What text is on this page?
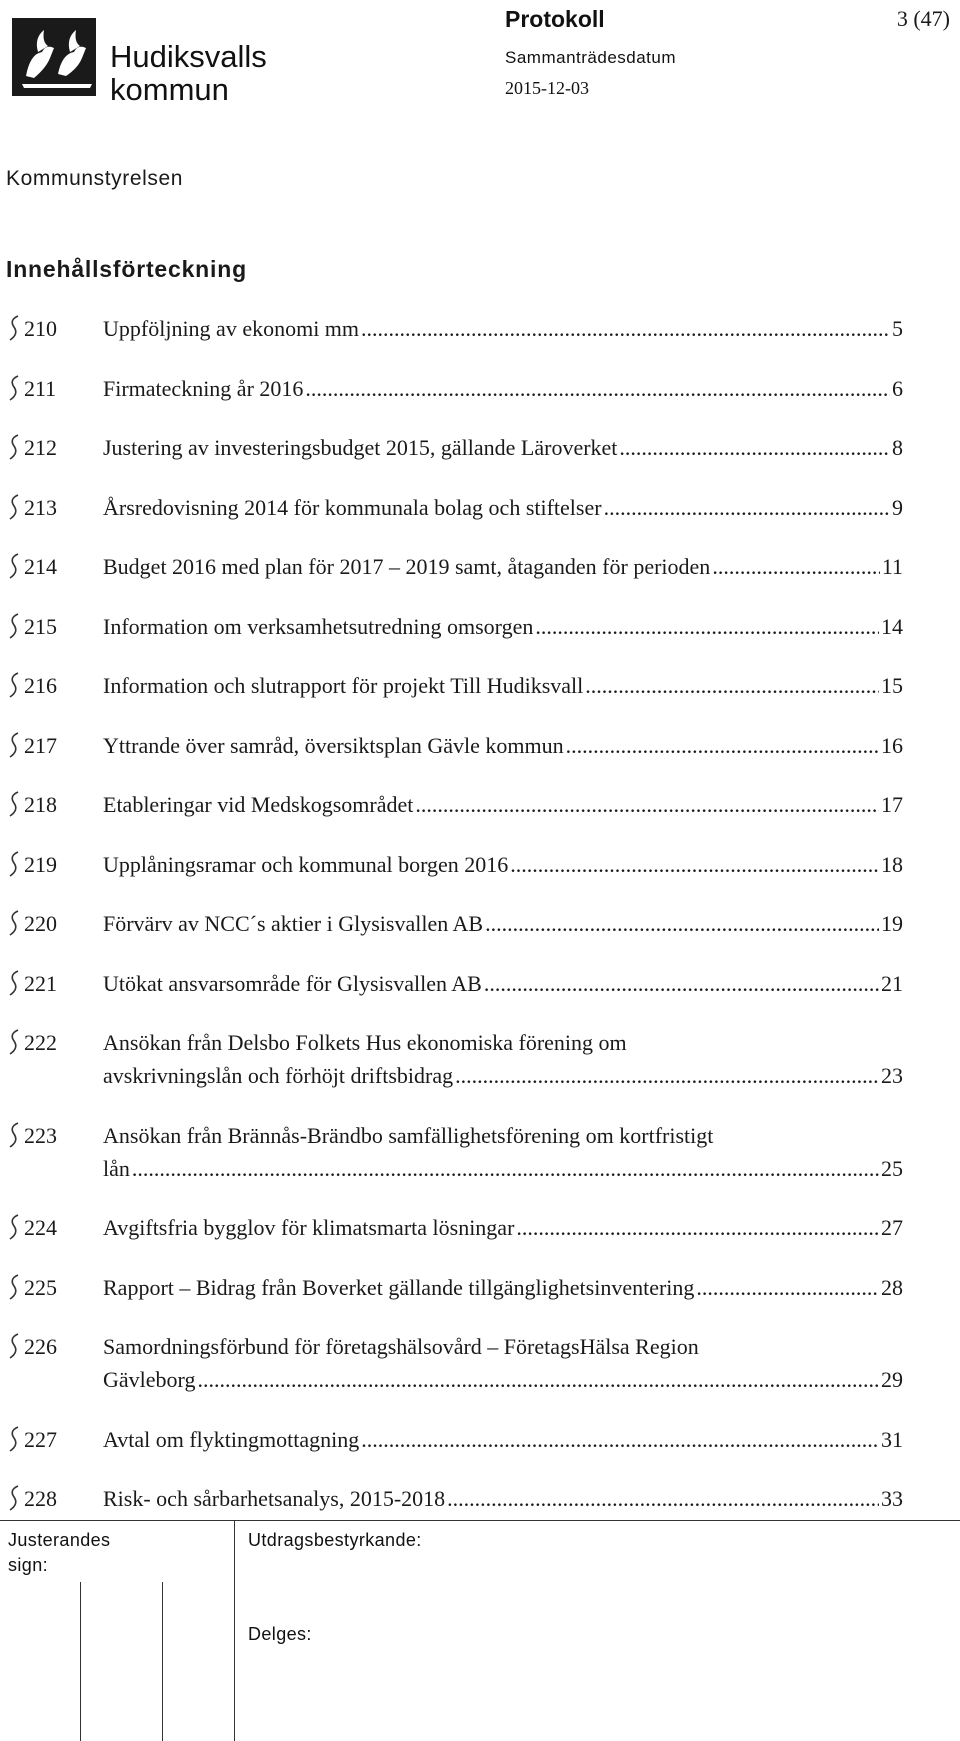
Hudiksvalls
kommun
Protokoll	3 (47)
Sammanträdesdatum
2015-12-03
Kommunstyrelsen
Innehållsförteckning
210 Uppföljning av ekonomi mm .....	5
211 Firmateckning år 2016 .....	6
212 Justering av investeringsbudget 2015, gällande Läroverket .....	8
213 Årsredovisning 2014 för kommunala bolag och stiftelser .....	9
214 Budget 2016 med plan för 2017 – 2019 samt, åtaganden för perioden .....	11
215 Information om verksamhetsutredning omsorgen .....	14
216 Information och slutrapport för projekt Till Hudiksvall .....	15
217 Yttrande över samråd, översiktsplan Gävle kommun .....	16
218 Etableringar vid Medskogsområdet .....	17
219 Upplåningsramar och kommunal borgen 2016 .....	18
220 Förvärv av NCC´s aktier i Glysisvallen AB .....	19
221 Utökat ansvarsområde för Glysisvallen AB .....	21
222 Ansökan från Delsbo Folkets Hus ekonomiska förening om
avskrivningslån och förhöjt driftsbidrag .....	23
223 Ansökan från Brännås-Brändbo samfällighetsförening om kortfristigt
lån .....	25
224 Avgiftsfria bygglov för klimatsmarta lösningar .....	27
225 Rapport – Bidrag från Boverket gällande tillgänglighetsinventering .....	28
226 Samordningsförbund för företagshälsovård – FöretagsHälsa Region
Gävleborg .....	29
227 Avtal om flyktingmottagning .....	31
228 Risk- och sårbarhetsanalys, 2015-2018 .....	33
Justerandes
sign:
Utdragsbestyrkande:
Delges:
